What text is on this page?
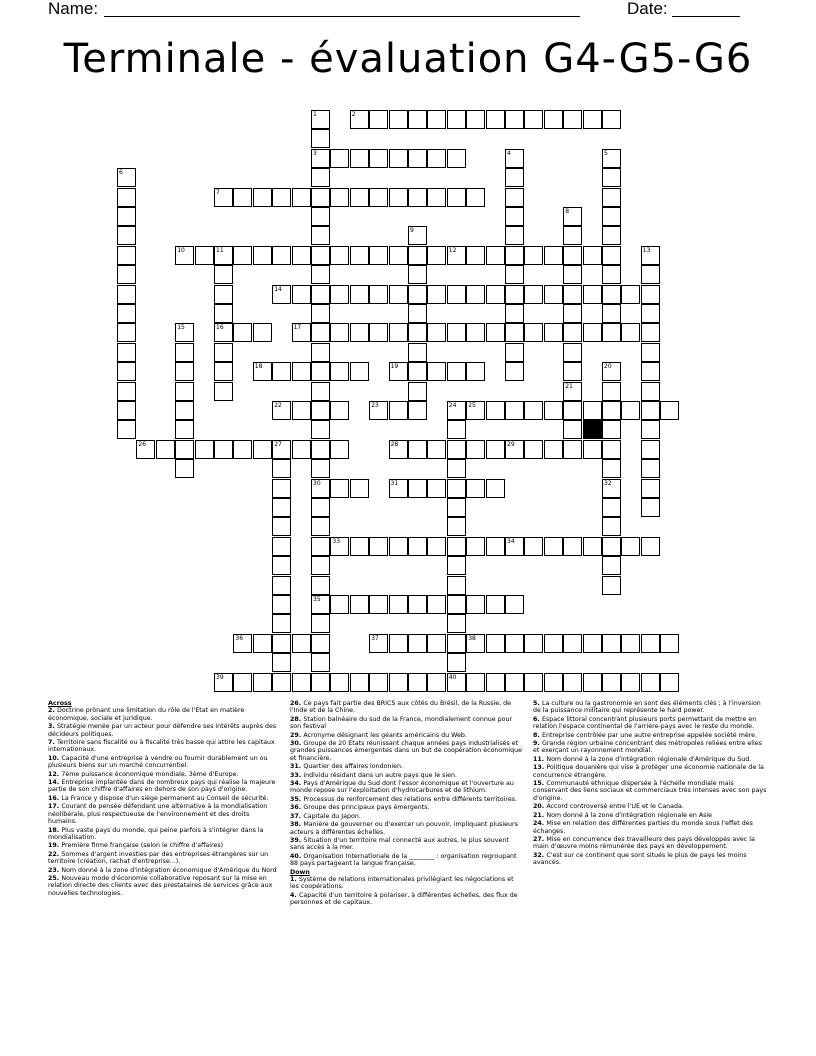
Name:	Date:
Terminale - évaluation G4-G5-G6
2
3
7
10	11	12
14
16	17
18	19
22	23	25
26	27	28	29
30	31
33	34
35
36	37	38
39	40
1
4	5
6
8
21
9
13
15
20
32
24
Across
2. Doctrine prônant une limitation du rôle de l'Etat en matière économique, sociale et juridique.
3. Stratégie menée par un acteur pour défendre ses intérêts auprès des décideurs politiques.
7. Territoire sans fiscalité ou à fiscalité très basse qui attire les capitaux internationaux.
10. Capacité d'une entreprise à vendre ou fournir durablement un ou plusieurs biens sur un marché concurrentiel.
12. 7ème puissance économique mondiale, 3ème d'Europe.
14. Entreprise implantée dans de nombreux pays qui réalise la majeure partie de son chiffre d'affaires en dehors de son pays d'origine.
16. La France y dispose d'un siège permanent au Conseil de sécurité.
17. Courant de pensée défendant une alternative à la mondialisation néolibérale, plus respectueuse de l'environnement et des droits humains.
18. Plus vaste pays du monde, qui peine parfois à s'intégrer dans la mondialisation.
19. Première firme française (selon le chiffre d'affaires)
22. Sommes d'argent investies par des entreprises étrangères sur un territoire (création, rachat d'entreprise...).
23. Nom donné à la zone d'intégration économique d'Amérique du Nord
25. Nouveau mode d'économie collaborative reposant sur la mise en relation directe des clients avec des prestataires de services grâce aux nouvelles technologies.
26. Ce pays fait partie des BRICS aux côtés du Brésil, de la Russie, de l'Inde et de la Chine.
28. Station balnéaire du sud de la France, mondialement connue pour son festival
29. Acronyme désignant les géants américains du Web.
30. Groupe de 20 Etats réunissant chaque années pays industrialisés et grandes puissances émergentes dans un but de coopération économique et financière.
31. Quartier des affaires londonien.
33. individu résidant dans un autre pays que le sien.
34. Pays d'Amérique du Sud dont l'essor économique et l'ouverture au monde repose sur l'exploitation d'hydrocarbures et de lithium.
35. Processus de renforcement des relations entre différents territoires.
36. Groupe des principaux pays émergents.
37. Capitale du Japon.
38. Manière de gouverner ou d'exercer un pouvoir, impliquant plusieurs acteurs à différentes échelles.
39. Situation d'un territoire mal connecté aux autres, le plus souvent sans accès à la mer.
40. Organisation Internationale de la ________ : organisation regroupant 88 pays partageant la langue française.
Down
1. Système de relations internationales privilégiant les négociations et les coopérations.
4. Capacité d'un territoire à polariser, à différentes échelles, des flux de personnes et de capitaux.
5. La culture ou la gastronomie en sont des éléments clés ; à l'inversion de la puissance militaire qui représente le hard power.
6. Espace littoral concentrant plusieurs ports permettant de mettre en relation l'espace continental de l'arrière-pays avec le reste du monde.
8. Entreprise contrôlée par une autre entreprise appelée société mère.
9. Grande région urbaine concentrant des métropoles reliées entre elles et exerçant un rayonnement mondial.
11. Nom donné à la zone d'intégration régionale d'Amérique du Sud.
13. Politique douanière qui vise à protéger une économie nationale de la concurrence étrangère.
15. Communauté ethnique dispersée à l'échelle mondiale mais conservant des liens sociaux et commerciaux très intenses avec son pays d'origine.
20. Accord controversé entre l'UE et le Canada.
21. Nom donné à la zone d'intégration régionale en Asie
24. Mise en relation des différentes parties du monde sous l'effet des échanges.
27. Mise en concurrence des travailleurs des pays développés avec la main d'œuvre moins rémunérée des pays en développement.
32. C'est sur ce continent que sont situés le plus de pays les moins avancés.
